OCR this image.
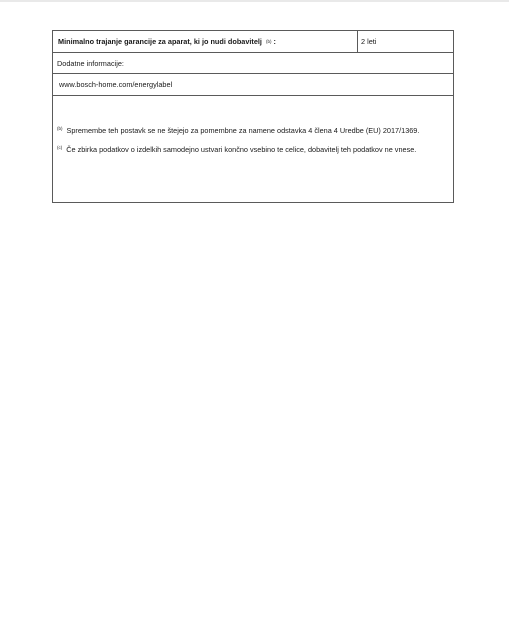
Minimalno trajanje garancije za aparat, ki jo nudi dobavitelj (b) :	2 leti
Dodatne informacije:
www.bosch-home.com/energylabel
$^{(b)}$ Spremembe teh postavk se ne štejejo za pomembne za namene odstavka 4 člena 4 Uredbe (EU) 2017/1369.
$^{(c)}$ Če zbirka podatkov o izdelkih samodejno ustvari končno vsebino te celice, dobavitelj teh podatkov ne vnese.
